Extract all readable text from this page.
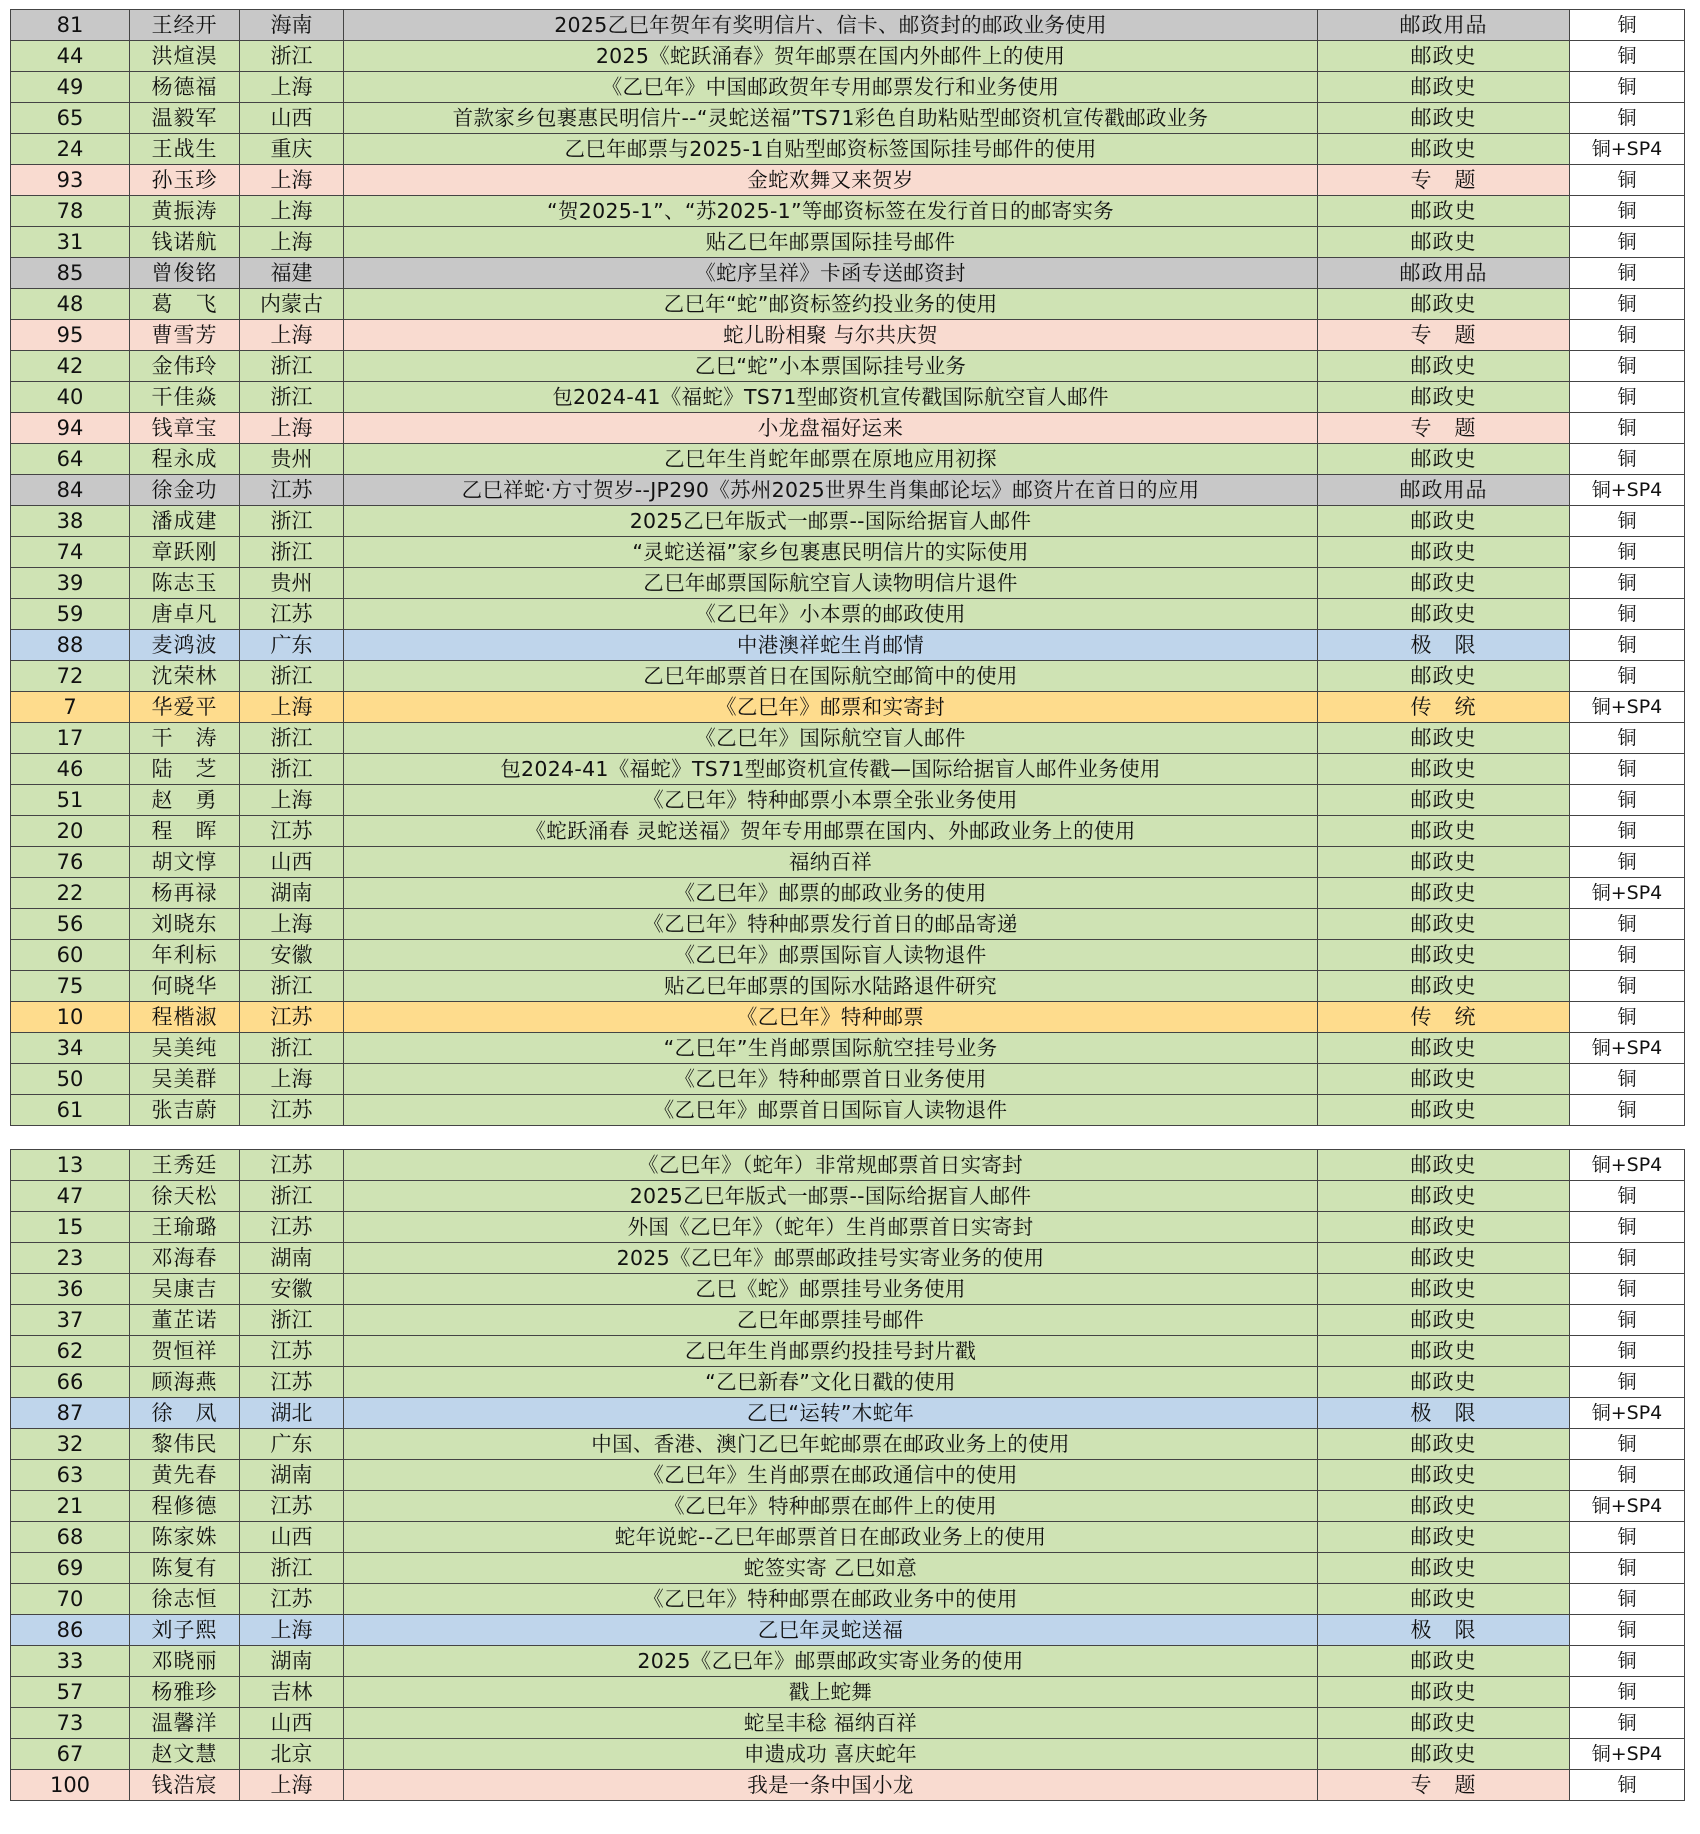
81	王经开	海南	2025乙巳年贺年有奖明信片、信卡、邮资封的邮政业务使用	邮政用品	铜
44	洪煊淏	浙江	2025《蛇跃涌春》贺年邮票在国内外邮件上的使用	邮政史	铜
49	杨德福	上海	《乙巳年》中国邮政贺年专用邮票发行和业务使用	邮政史	铜
65	温毅军	山西	首款家乡包裹惠民明信片--“灵蛇送福”TS71彩色自助粘贴型邮资机宣传戳邮政业务	邮政史	铜
24	王战生	重庆	乙巳年邮票与2025-1自贴型邮资标签国际挂号邮件的使用	邮政史	铜+SP4
93	孙玉珍	上海	金蛇欢舞又来贺岁	专　题	铜
78	黄振涛	上海	“贺2025-1”、“苏2025-1”等邮资标签在发行首日的邮寄实务	邮政史	铜
31	钱诺航	上海	贴乙巳年邮票国际挂号邮件	邮政史	铜
85	曾俊铭	福建	《蛇序呈祥》卡函专送邮资封	邮政用品	铜
48	葛　飞	内蒙古	乙巳年“蛇”邮资标签约投业务的使用	邮政史	铜
95	曹雪芳	上海	蛇儿盼相聚 与尔共庆贺	专　题	铜
42	金伟玲	浙江	乙巳“蛇”小本票国际挂号业务	邮政史	铜
40	干佳焱	浙江	包2024-41《福蛇》TS71型邮资机宣传戳国际航空盲人邮件	邮政史	铜
94	钱章宝	上海	小龙盘福好运来	专　题	铜
64	程永成	贵州	乙巳年生肖蛇年邮票在原地应用初探	邮政史	铜
84	徐金功	江苏	乙巳祥蛇·方寸贺岁--JP290《苏州2025世界生肖集邮论坛》邮资片在首日的应用	邮政用品	铜+SP4
38	潘成建	浙江	2025乙巳年版式一邮票--国际给据盲人邮件	邮政史	铜
74	章跃刚	浙江	“灵蛇送福”家乡包裹惠民明信片的实际使用	邮政史	铜
39	陈志玉	贵州	乙巳年邮票国际航空盲人读物明信片退件	邮政史	铜
59	唐卓凡	江苏	《乙巳年》小本票的邮政使用	邮政史	铜
88	麦鸿波	广东	中港澳祥蛇生肖邮情	极　限	铜
72	沈荣林	浙江	乙巳年邮票首日在国际航空邮简中的使用	邮政史	铜
7	华爱平	上海	《乙巳年》邮票和实寄封	传　统	铜+SP4
17	干　涛	浙江	《乙巳年》国际航空盲人邮件	邮政史	铜
46	陆　芝	浙江	包2024-41《福蛇》TS71型邮资机宣传戳—国际给据盲人邮件业务使用	邮政史	铜
51	赵　勇	上海	《乙巳年》特种邮票小本票全张业务使用	邮政史	铜
20	程　晖	江苏	《蛇跃涌春 灵蛇送福》贺年专用邮票在国内、外邮政业务上的使用	邮政史	铜
76	胡文惇	山西	福纳百祥	邮政史	铜
22	杨再禄	湖南	《乙巳年》邮票的邮政业务的使用	邮政史	铜+SP4
56	刘晓东	上海	《乙巳年》特种邮票发行首日的邮品寄递	邮政史	铜
60	年利标	安徽	《乙巳年》邮票国际盲人读物退件	邮政史	铜
75	何晓华	浙江	贴乙巳年邮票的国际水陆路退件研究	邮政史	铜
10	程楷淑	江苏	《乙巳年》特种邮票	传　统	铜
34	吴美纯	浙江	“乙巳年”生肖邮票国际航空挂号业务	邮政史	铜+SP4
50	吴美群	上海	《乙巳年》特种邮票首日业务使用	邮政史	铜
61	张吉蔚	江苏	《乙巳年》邮票首日国际盲人读物退件	邮政史	铜
13	王秀廷	江苏	《乙巳年》（蛇年）非常规邮票首日实寄封	邮政史	铜+SP4
47	徐天松	浙江	2025乙巳年版式一邮票--国际给据盲人邮件	邮政史	铜
15	王瑜璐	江苏	外国《乙巳年》（蛇年）生肖邮票首日实寄封	邮政史	铜
23	邓海春	湖南	2025《乙巳年》邮票邮政挂号实寄业务的使用	邮政史	铜
36	吴康吉	安徽	乙巳《蛇》邮票挂号业务使用	邮政史	铜
37	董芷诺	浙江	乙巳年邮票挂号邮件	邮政史	铜
62	贺恒祥	江苏	乙巳年生肖邮票约投挂号封片戳	邮政史	铜
66	顾海燕	江苏	“乙巳新春”文化日戳的使用	邮政史	铜
87	徐　凤	湖北	乙巳“运转”木蛇年	极　限	铜+SP4
32	黎伟民	广东	中国、香港、澳门乙巳年蛇邮票在邮政业务上的使用	邮政史	铜
63	黄先春	湖南	《乙巳年》生肖邮票在邮政通信中的使用	邮政史	铜
21	程修德	江苏	《乙巳年》特种邮票在邮件上的使用	邮政史	铜+SP4
68	陈家姝	山西	蛇年说蛇--乙巳年邮票首日在邮政业务上的使用	邮政史	铜
69	陈复有	浙江	蛇签实寄 乙巳如意	邮政史	铜
70	徐志恒	江苏	《乙巳年》特种邮票在邮政业务中的使用	邮政史	铜
86	刘子熙	上海	乙巳年灵蛇送福	极　限	铜
33	邓晓丽	湖南	2025《乙巳年》邮票邮政实寄业务的使用	邮政史	铜
57	杨雅珍	吉林	戳上蛇舞	邮政史	铜
73	温馨洋	山西	蛇呈丰稔 福纳百祥	邮政史	铜
67	赵文慧	北京	申遗成功 喜庆蛇年	邮政史	铜+SP4
100	钱浩宸	上海	我是一条中国小龙	专　题	铜
